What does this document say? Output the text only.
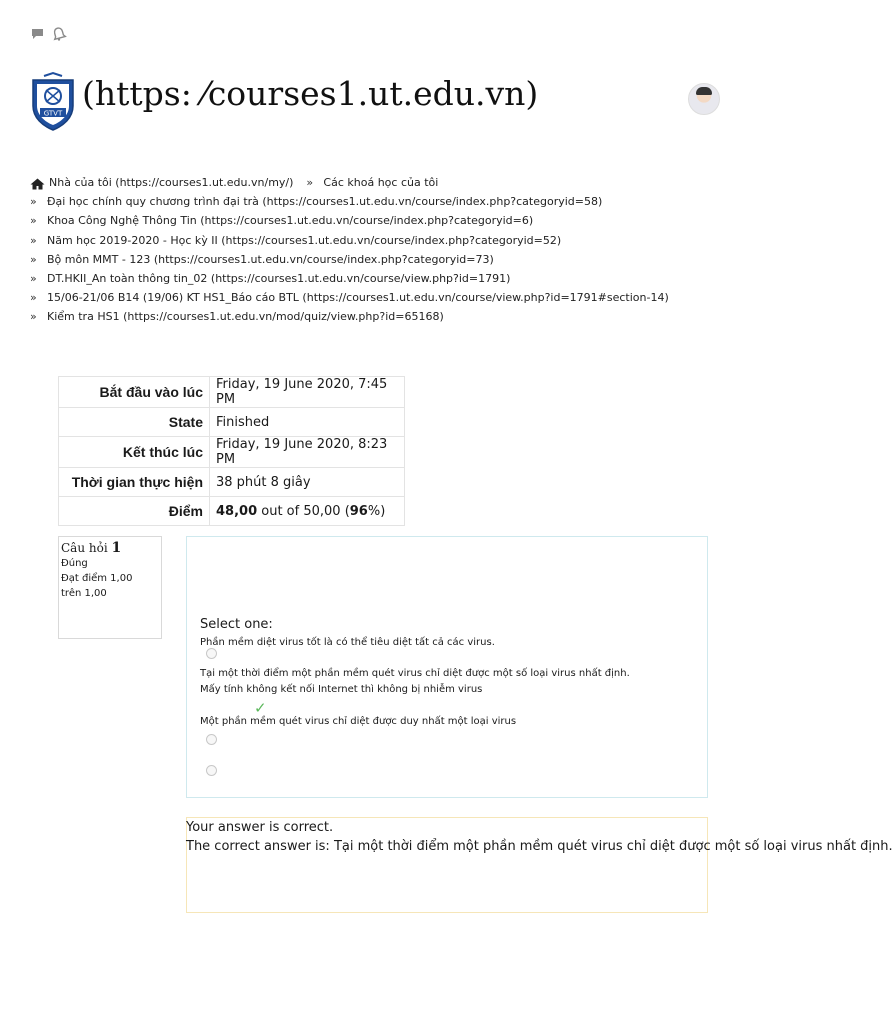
GTVT
(https: ⁄courses1.ut.edu.vn)
Nhà của tôi (https://courses1.ut.edu.vn/my/) » Các khoá học của tôi
» Đại học chính quy chương trình đại trà (https://courses1.ut.edu.vn/course/index.php?categoryid=58)
» Khoa Công Nghệ Thông Tin (https://courses1.ut.edu.vn/course/index.php?categoryid=6)
» Năm học 2019-2020 - Học kỳ II (https://courses1.ut.edu.vn/course/index.php?categoryid=52)
» Bộ môn MMT - 123 (https://courses1.ut.edu.vn/course/index.php?categoryid=73)
» DT.HKII_An toàn thông tin_02 (https://courses1.ut.edu.vn/course/view.php?id=1791)
» 15/06-21/06 B14 (19/06) KT HS1_Báo cáo BTL (https://courses1.ut.edu.vn/course/view.php?id=1791#section-14)
» Kiểm tra HS1 (https://courses1.ut.edu.vn/mod/quiz/view.php?id=65168)
Bắt đầu vào lúc	Friday, 19 June 2020, 7:45 PM
State	Finished
Kết thúc lúc	Friday, 19 June 2020, 8:23 PM
Thời gian thực hiện	38 phút 8 giây
Điểm	48,00 out of 50,00 (96%)
Câu hỏi 1
Đúng
Đạt điểm 1,00
trên 1,00
Select one:
Phần mềm diệt virus tốt là có thể tiêu diệt tất cả các virus.
Tại một thời điểm một phần mềm quét virus chỉ diệt được một số loại virus nhất định.
Mấy tính không kết nối Internet thì không bị nhiễm virus
✓
Một phần mềm quét virus chỉ diệt được duy nhất một loại virus
Your answer is correct.
The correct answer is: Tại một thời điểm một phần mềm quét virus chỉ diệt được một số loại virus nhất định.
